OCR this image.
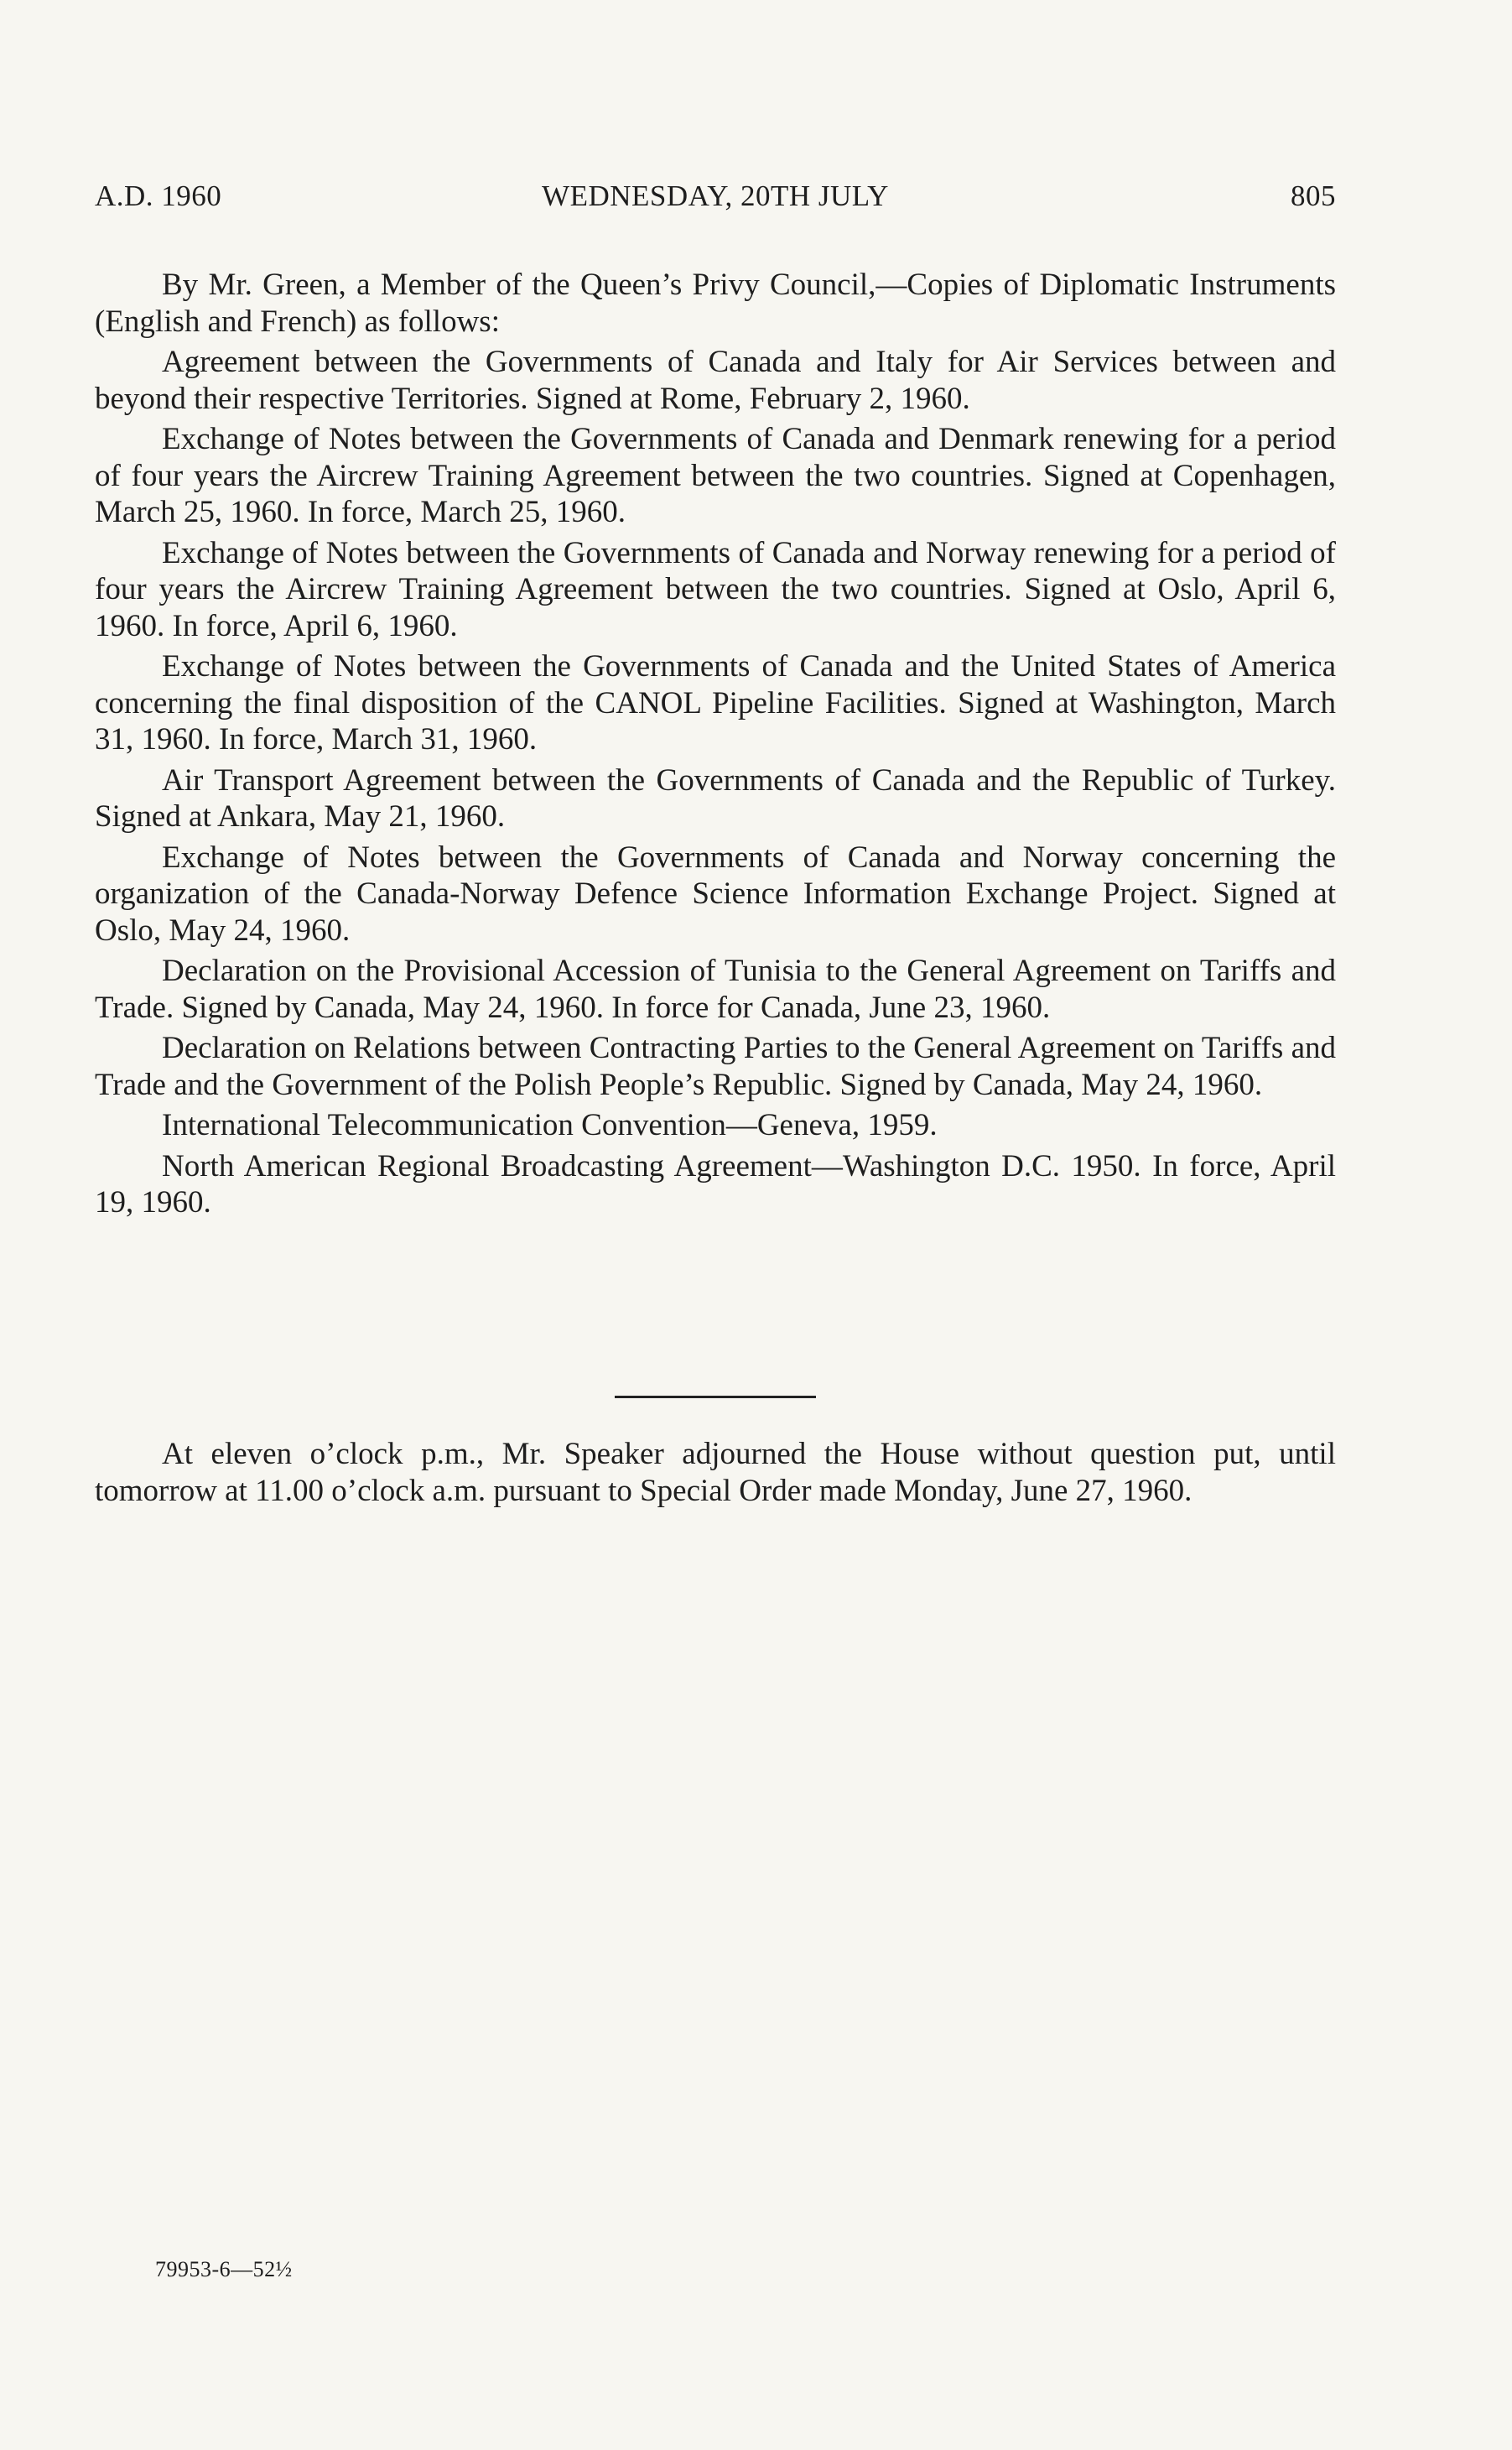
A.D. 1960	WEDNESDAY, 20TH JULY	805

By Mr. Green, a Member of the Queen’s Privy Council,—Copies of Diplomatic Instruments (English and French) as follows:

Agreement between the Governments of Canada and Italy for Air Services between and beyond their respective Territories. Signed at Rome, February 2, 1960.

Exchange of Notes between the Governments of Canada and Denmark renewing for a period of four years the Aircrew Training Agreement between the two countries. Signed at Copenhagen, March 25, 1960. In force, March 25, 1960.

Exchange of Notes between the Governments of Canada and Norway renewing for a period of four years the Aircrew Training Agreement between the two countries. Signed at Oslo, April 6, 1960. In force, April 6, 1960.

Exchange of Notes between the Governments of Canada and the United States of America concerning the final disposition of the CANOL Pipeline Facilities. Signed at Washington, March 31, 1960. In force, March 31, 1960.

Air Transport Agreement between the Governments of Canada and the Republic of Turkey. Signed at Ankara, May 21, 1960.

Exchange of Notes between the Governments of Canada and Norway concerning the organization of the Canada-Norway Defence Science Information Exchange Project. Signed at Oslo, May 24, 1960.

Declaration on the Provisional Accession of Tunisia to the General Agreement on Tariffs and Trade. Signed by Canada, May 24, 1960. In force for Canada, June 23, 1960.

Declaration on Relations between Contracting Parties to the General Agreement on Tariffs and Trade and the Government of the Polish People’s Republic. Signed by Canada, May 24, 1960.

International Telecommunication Convention—Geneva, 1959.

North American Regional Broadcasting Agreement—Washington D.C. 1950. In force, April 19, 1960.

At eleven o’clock p.m., Mr. Speaker adjourned the House without question put, until tomorrow at 11.00 o’clock a.m. pursuant to Special Order made Monday, June 27, 1960.

79953-6—52½
